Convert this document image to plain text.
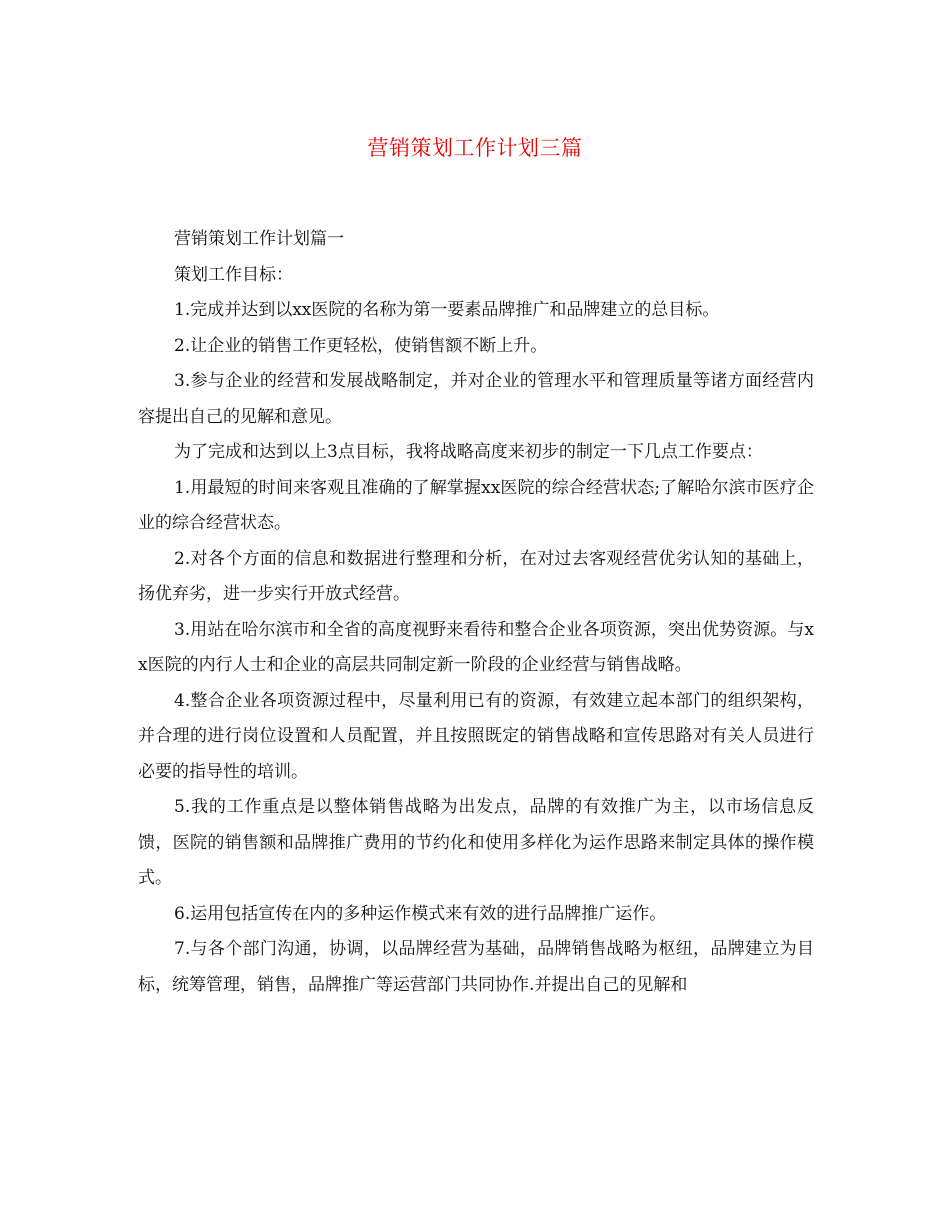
营销策划工作计划三篇

营销策划工作计划篇一

策划工作目标：

1.完成并达到以xx医院的名称为第一要素品牌推广和品牌建立的总目标。

2.让企业的销售工作更轻松，使销售额不断上升。

3.参与企业的经营和发展战略制定，并对企业的管理水平和管理质量等诸方面经营内容提出自己的见解和意见。

为了完成和达到以上3点目标，我将战略高度来初步的制定一下几点工作要点：

1.用最短的时间来客观且准确的了解掌握xx医院的综合经营状态;了解哈尔滨市医疗企业的综合经营状态。

2.对各个方面的信息和数据进行整理和分析，在对过去客观经营优劣认知的基础上，扬优弃劣，进一步实行开放式经营。

3.用站在哈尔滨市和全省的高度视野来看待和整合企业各项资源，突出优势资源。与xx医院的内行人士和企业的高层共同制定新一阶段的企业经营与销售战略。

4.整合企业各项资源过程中，尽量利用已有的资源，有效建立起本部门的组织架构，并合理的进行岗位设置和人员配置，并且按照既定的销售战略和宣传思路对有关人员进行必要的指导性的培训。

5.我的工作重点是以整体销售战略为出发点，品牌的有效推广为主，以市场信息反馈，医院的销售额和品牌推广费用的节约化和使用多样化为运作思路来制定具体的操作模式。

6.运用包括宣传在内的多种运作模式来有效的进行品牌推广运作。

7.与各个部门沟通，协调，以品牌经营为基础，品牌销售战略为枢纽，品牌建立为目标，统筹管理，销售，品牌推广等运营部门共同协作.并提出自己的见解和
